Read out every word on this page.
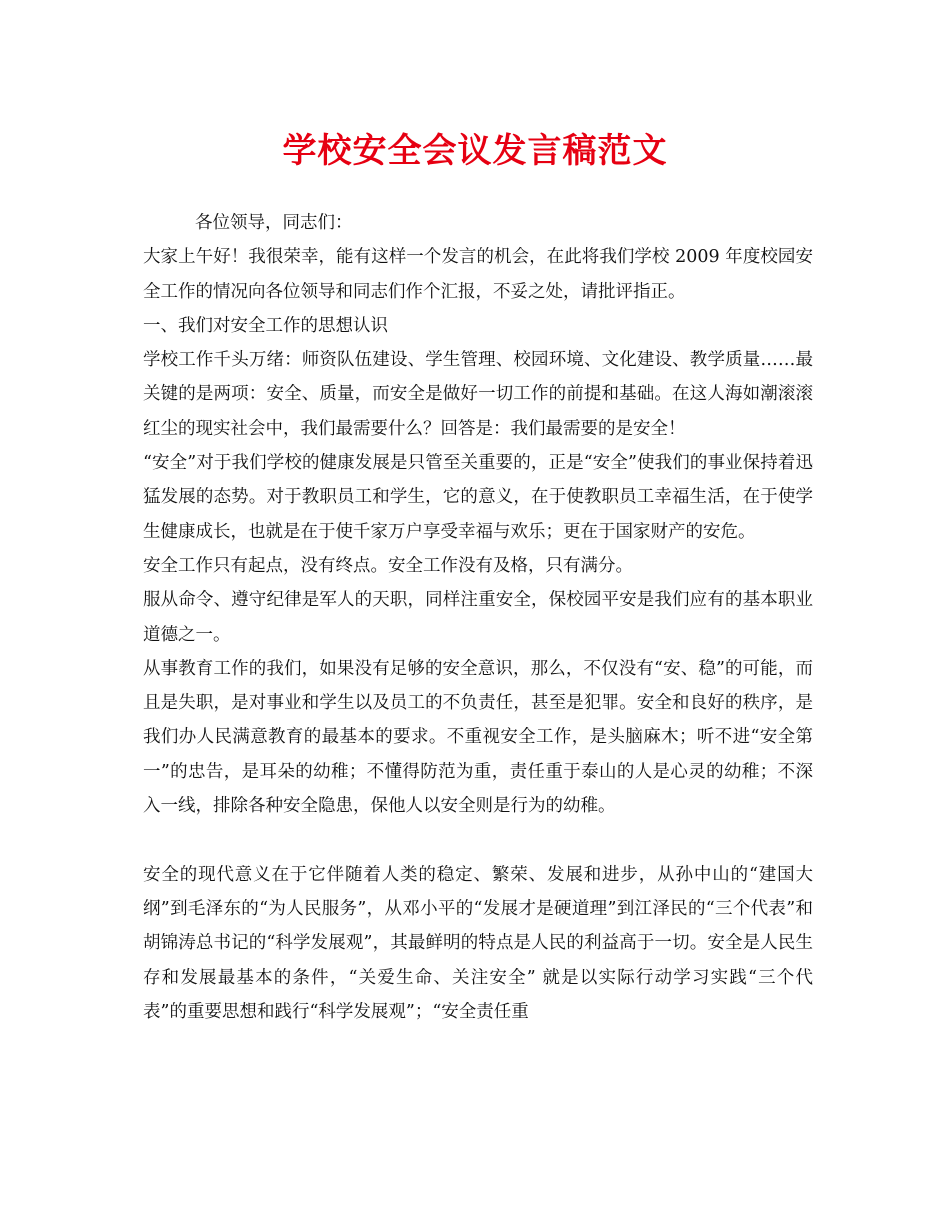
学校安全会议发言稿范文

各位领导，同志们：

大家上午好！我很荣幸，能有这样一个发言的机会，在此将我们学校 2009 年度校园安全工作的情况向各位领导和同志们作个汇报，不妥之处，请批评指正。

一、我们对安全工作的思想认识

学校工作千头万绪：师资队伍建设、学生管理、校园环境、文化建设、教学质量……最关键的是两项：安全、质量，而安全是做好一切工作的前提和基础。在这人海如潮滚滚红尘的现实社会中，我们最需要什么？回答是：我们最需要的是安全！

“安全”对于我们学校的健康发展是只管至关重要的，正是“安全”使我们的事业保持着迅猛发展的态势。对于教职员工和学生，它的意义，在于使教职员工幸福生活，在于使学生健康成长，也就是在于使千家万户享受幸福与欢乐；更在于国家财产的安危。

安全工作只有起点，没有终点。安全工作没有及格，只有满分。

服从命令、遵守纪律是军人的天职，同样注重安全，保校园平安是我们应有的基本职业道德之一。

从事教育工作的我们，如果没有足够的安全意识，那么，不仅没有“安、稳”的可能，而且是失职，是对事业和学生以及员工的不负责任，甚至是犯罪。安全和良好的秩序，是我们办人民满意教育的最基本的要求。不重视安全工作，是头脑麻木；听不进“安全第一”的忠告，是耳朵的幼稚；不懂得防范为重，责任重于泰山的人是心灵的幼稚；不深入一线，排除各种安全隐患，保他人以安全则是行为的幼稚。

安全的现代意义在于它伴随着人类的稳定、繁荣、发展和进步，从孙中山的“建国大纲”到毛泽东的“为人民服务”，从邓小平的“发展才是硬道理”到江泽民的“三个代表”和胡锦涛总书记的“科学发展观”，其最鲜明的特点是人民的利益高于一切。安全是人民生存和发展最基本的条件，“关爱生命、关注安全” 就是以实际行动学习实践“三个代表”的重要思想和践行“科学发展观”；“安全责任重
